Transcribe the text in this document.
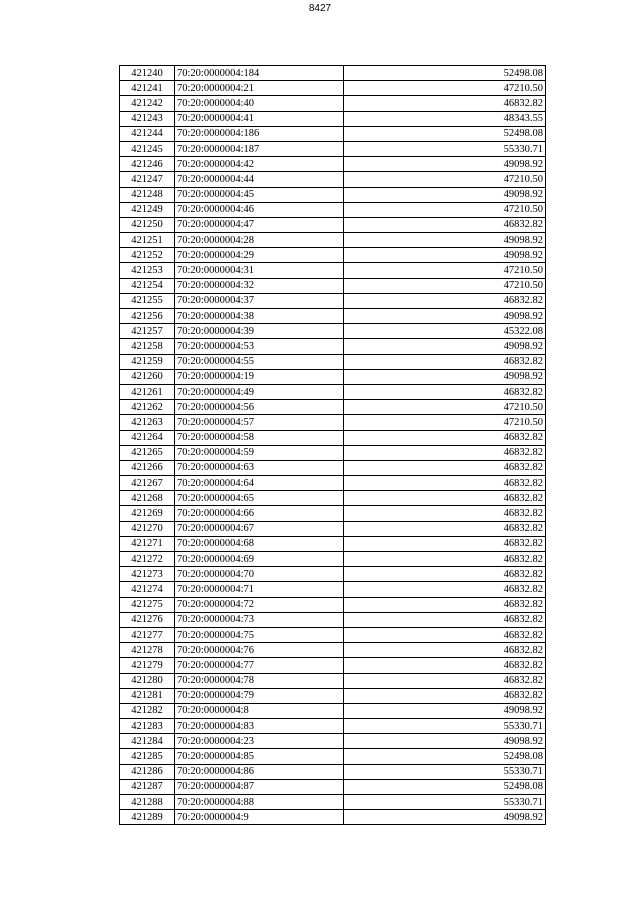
8427
421240	70:20:0000004:184	52498.08
421241	70:20:0000004:21	47210.50
421242	70:20:0000004:40	46832.82
421243	70:20:0000004:41	48343.55
421244	70:20:0000004:186	52498.08
421245	70:20:0000004:187	55330.71
421246	70:20:0000004:42	49098.92
421247	70:20:0000004:44	47210.50
421248	70:20:0000004:45	49098.92
421249	70:20:0000004:46	47210.50
421250	70:20:0000004:47	46832.82
421251	70:20:0000004:28	49098.92
421252	70:20:0000004:29	49098.92
421253	70:20:0000004:31	47210.50
421254	70:20:0000004:32	47210.50
421255	70:20:0000004:37	46832.82
421256	70:20:0000004:38	49098.92
421257	70:20:0000004:39	45322.08
421258	70:20:0000004:53	49098.92
421259	70:20:0000004:55	46832.82
421260	70:20:0000004:19	49098.92
421261	70:20:0000004:49	46832.82
421262	70:20:0000004:56	47210.50
421263	70:20:0000004:57	47210.50
421264	70:20:0000004:58	46832.82
421265	70:20:0000004:59	46832.82
421266	70:20:0000004:63	46832.82
421267	70:20:0000004:64	46832.82
421268	70:20:0000004:65	46832.82
421269	70:20:0000004:66	46832.82
421270	70:20:0000004:67	46832.82
421271	70:20:0000004:68	46832.82
421272	70:20:0000004:69	46832.82
421273	70:20:0000004:70	46832.82
421274	70:20:0000004:71	46832.82
421275	70:20:0000004:72	46832.82
421276	70:20:0000004:73	46832.82
421277	70:20:0000004:75	46832.82
421278	70:20:0000004:76	46832.82
421279	70:20:0000004:77	46832.82
421280	70:20:0000004:78	46832.82
421281	70:20:0000004:79	46832.82
421282	70:20:0000004:8	49098.92
421283	70:20:0000004:83	55330.71
421284	70:20:0000004:23	49098.92
421285	70:20:0000004:85	52498.08
421286	70:20:0000004:86	55330.71
421287	70:20:0000004:87	52498.08
421288	70:20:0000004:88	55330.71
421289	70:20:0000004:9	49098.92
